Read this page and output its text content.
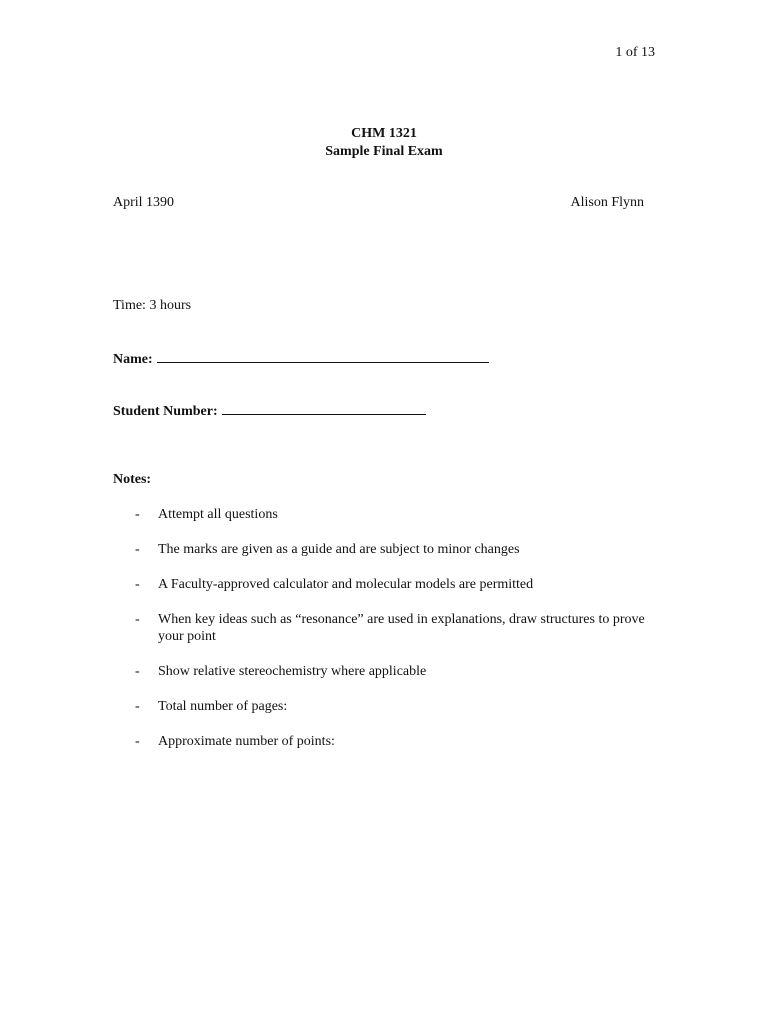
1 of 13
CHM 1321
Sample Final Exam
April 1390	Alison Flynn
Time: 3 hours
Name:
Student Number:
Notes:
- Attempt all questions
- The marks are given as a guide and are subject to minor changes
- A Faculty-approved calculator and molecular models are permitted
- When key ideas such as “resonance” are used in explanations, draw structures to prove your point
- Show relative stereochemistry where applicable
- Total number of pages:
- Approximate number of points:
